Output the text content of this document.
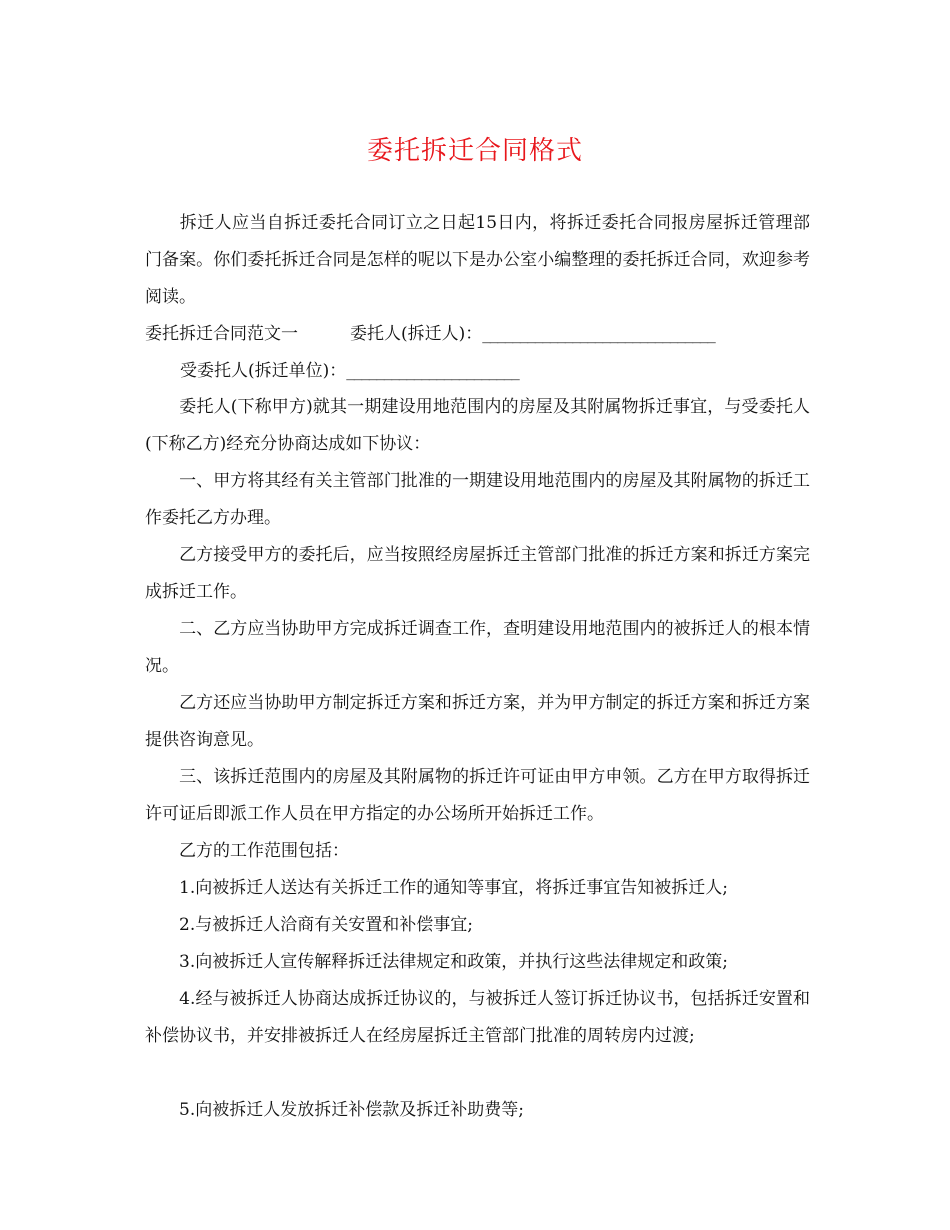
委托拆迁合同格式

　　拆迁人应当自拆迁委托合同订立之日起15日内，将拆迁委托合同报房屋拆迁管理部门备案。你们委托拆迁合同是怎样的呢以下是办公室小编整理的委托拆迁合同，欢迎参考阅读。

委托拆迁合同范文一	委托人(拆迁人)：_______________________________

受委托人(拆迁单位)：_______________________

　　委托人(下称甲方)就其一期建设用地范围内的房屋及其附属物拆迁事宜，与受委托人(下称乙方)经充分协商达成如下协议：

　　一、甲方将其经有关主管部门批准的一期建设用地范围内的房屋及其附属物的拆迁工作委托乙方办理。

　　乙方接受甲方的委托后，应当按照经房屋拆迁主管部门批准的拆迁方案和拆迁方案完成拆迁工作。

　　二、乙方应当协助甲方完成拆迁调查工作，查明建设用地范围内的被拆迁人的根本情况。

　　乙方还应当协助甲方制定拆迁方案和拆迁方案，并为甲方制定的拆迁方案和拆迁方案提供咨询意见。

　　三、该拆迁范围内的房屋及其附属物的拆迁许可证由甲方申领。乙方在甲方取得拆迁许可证后即派工作人员在甲方指定的办公场所开始拆迁工作。

　　乙方的工作范围包括：

　　1.向被拆迁人送达有关拆迁工作的通知等事宜，将拆迁事宜告知被拆迁人;

　　2.与被拆迁人洽商有关安置和补偿事宜;

　　3.向被拆迁人宣传解释拆迁法律规定和政策，并执行这些法律规定和政策;

　　4.经与被拆迁人协商达成拆迁协议的，与被拆迁人签订拆迁协议书，包括拆迁安置和补偿协议书，并安排被拆迁人在经房屋拆迁主管部门批准的周转房内过渡;

　　5.向被拆迁人发放拆迁补偿款及拆迁补助费等;
